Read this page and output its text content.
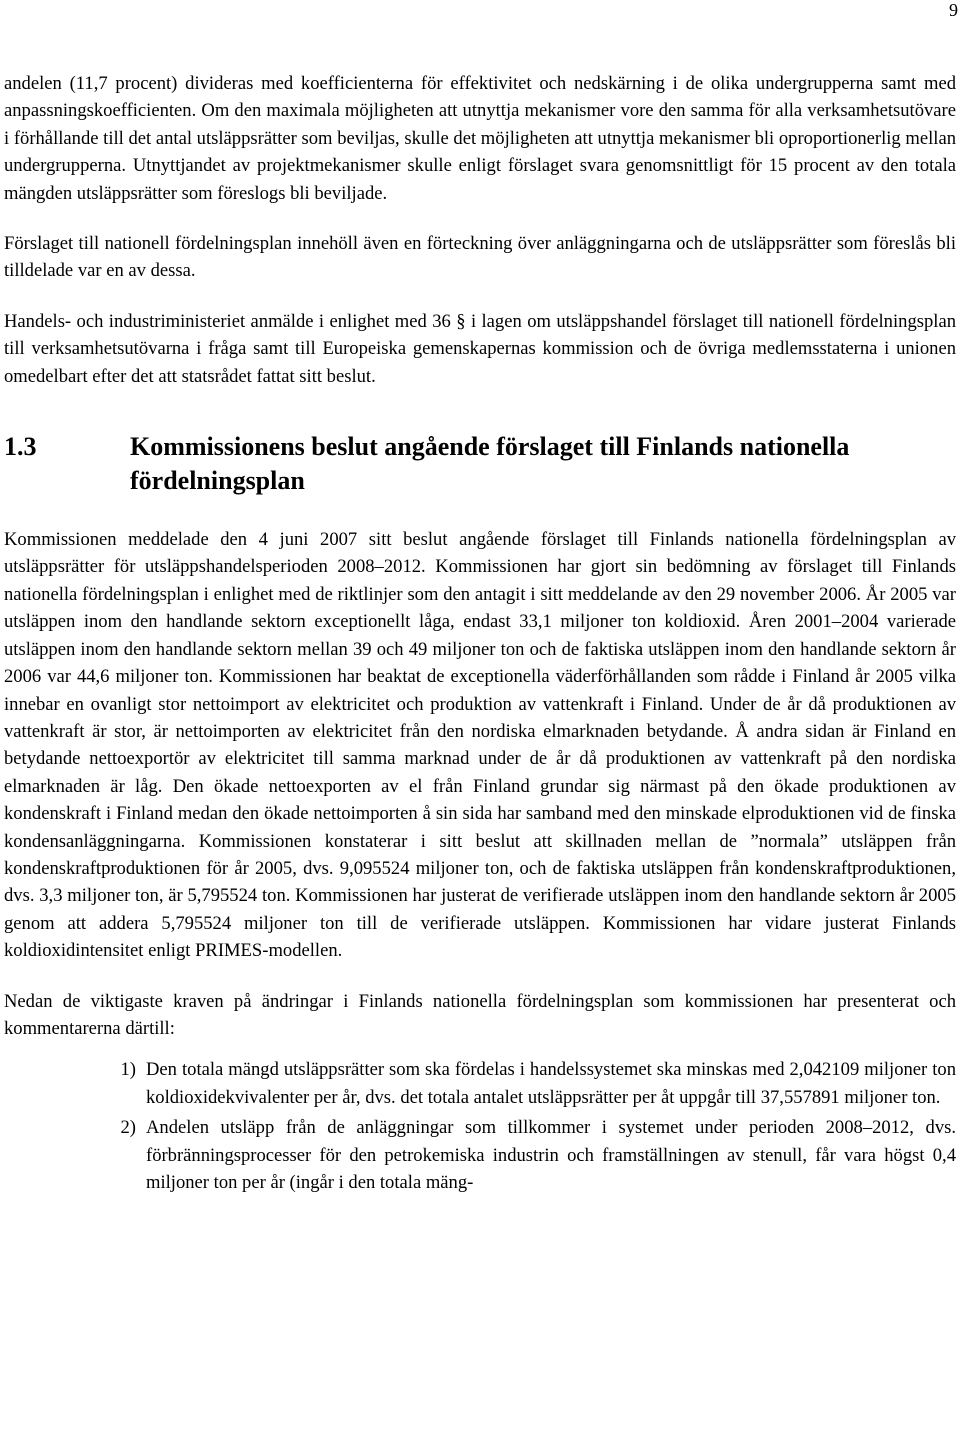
9

andelen (11,7 procent) divideras med koefficienterna för effektivitet och nedskärning i de olika undergrupperna samt med anpassningskoefficienten. Om den maximala möjligheten att utnyttja mekanismer vore den samma för alla verksamhetsutövare i förhållande till det antal utsläppsrätter som beviljas, skulle det möjligheten att utnyttja mekanismer bli oproportionerlig mellan undergrupperna. Utnyttjandet av projektmekanismer skulle enligt förslaget svara genomsnittligt för 15 procent av den totala mängden utsläppsrätter som föreslogs bli beviljade.

Förslaget till nationell fördelningsplan innehöll även en förteckning över anläggningarna och de utsläppsrätter som föreslås bli tilldelade var en av dessa.

Handels- och industriministeriet anmälde i enlighet med 36 § i lagen om utsläppshandel förslaget till nationell fördelningsplan till verksamhetsutövarna i fråga samt till Europeiska gemenskapernas kommission och de övriga medlemsstaterna i unionen omedelbart efter det att statsrådet fattat sitt beslut.

1.3	Kommissionens beslut angående förslaget till Finlands nationella fördelningsplan

Kommissionen meddelade den 4 juni 2007 sitt beslut angående förslaget till Finlands nationella fördelningsplan av utsläppsrätter för utsläppshandelsperioden 2008–2012. Kommissionen har gjort sin bedömning av förslaget till Finlands nationella fördelningsplan i enlighet med de riktlinjer som den antagit i sitt meddelande av den 29 november 2006. År 2005 var utsläppen inom den handlande sektorn exceptionellt låga, endast 33,1 miljoner ton koldioxid. Åren 2001–2004 varierade utsläppen inom den handlande sektorn mellan 39 och 49 miljoner ton och de faktiska utsläppen inom den handlande sektorn år 2006 var 44,6 miljoner ton. Kommissionen har beaktat de exceptionella väderförhållanden som rådde i Finland år 2005 vilka innebar en ovanligt stor nettoimport av elektricitet och produktion av vattenkraft i Finland. Under de år då produktionen av vattenkraft är stor, är nettoimporten av elektricitet från den nordiska elmarknaden betydande. Å andra sidan är Finland en betydande nettoexportör av elektricitet till samma marknad under de år då produktionen av vattenkraft på den nordiska elmarknaden är låg. Den ökade nettoexporten av el från Finland grundar sig närmast på den ökade produktionen av kondenskraft i Finland medan den ökade nettoimporten å sin sida har samband med den minskade elproduktionen vid de finska kondensanläggningarna. Kommissionen konstaterar i sitt beslut att skillnaden mellan de ”normala” utsläppen från kondenskraftproduktionen för år 2005, dvs. 9,095524 miljoner ton, och de faktiska utsläppen från kondenskraftproduktionen, dvs. 3,3 miljoner ton, är 5,795524 ton. Kommissionen har justerat de verifierade utsläppen inom den handlande sektorn år 2005 genom att addera 5,795524 miljoner ton till de verifierade utsläppen. Kommissionen har vidare justerat Finlands koldioxidintensitet enligt PRIMES-modellen.

Nedan de viktigaste kraven på ändringar i Finlands nationella fördelningsplan som kommissionen har presenterat och kommentarerna därtill:

1) Den totala mängd utsläppsrätter som ska fördelas i handelssystemet ska minskas med 2,042109 miljoner ton koldioxidekvivalenter per år, dvs. det totala antalet utsläppsrätter per åt uppgår till 37,557891 miljoner ton.
2) Andelen utsläpp från de anläggningar som tillkommer i systemet under perioden 2008–2012, dvs. förbränningsprocesser för den petrokemiska industrin och framställningen av stenull, får vara högst 0,4 miljoner ton per år (ingår i den totala mäng-
